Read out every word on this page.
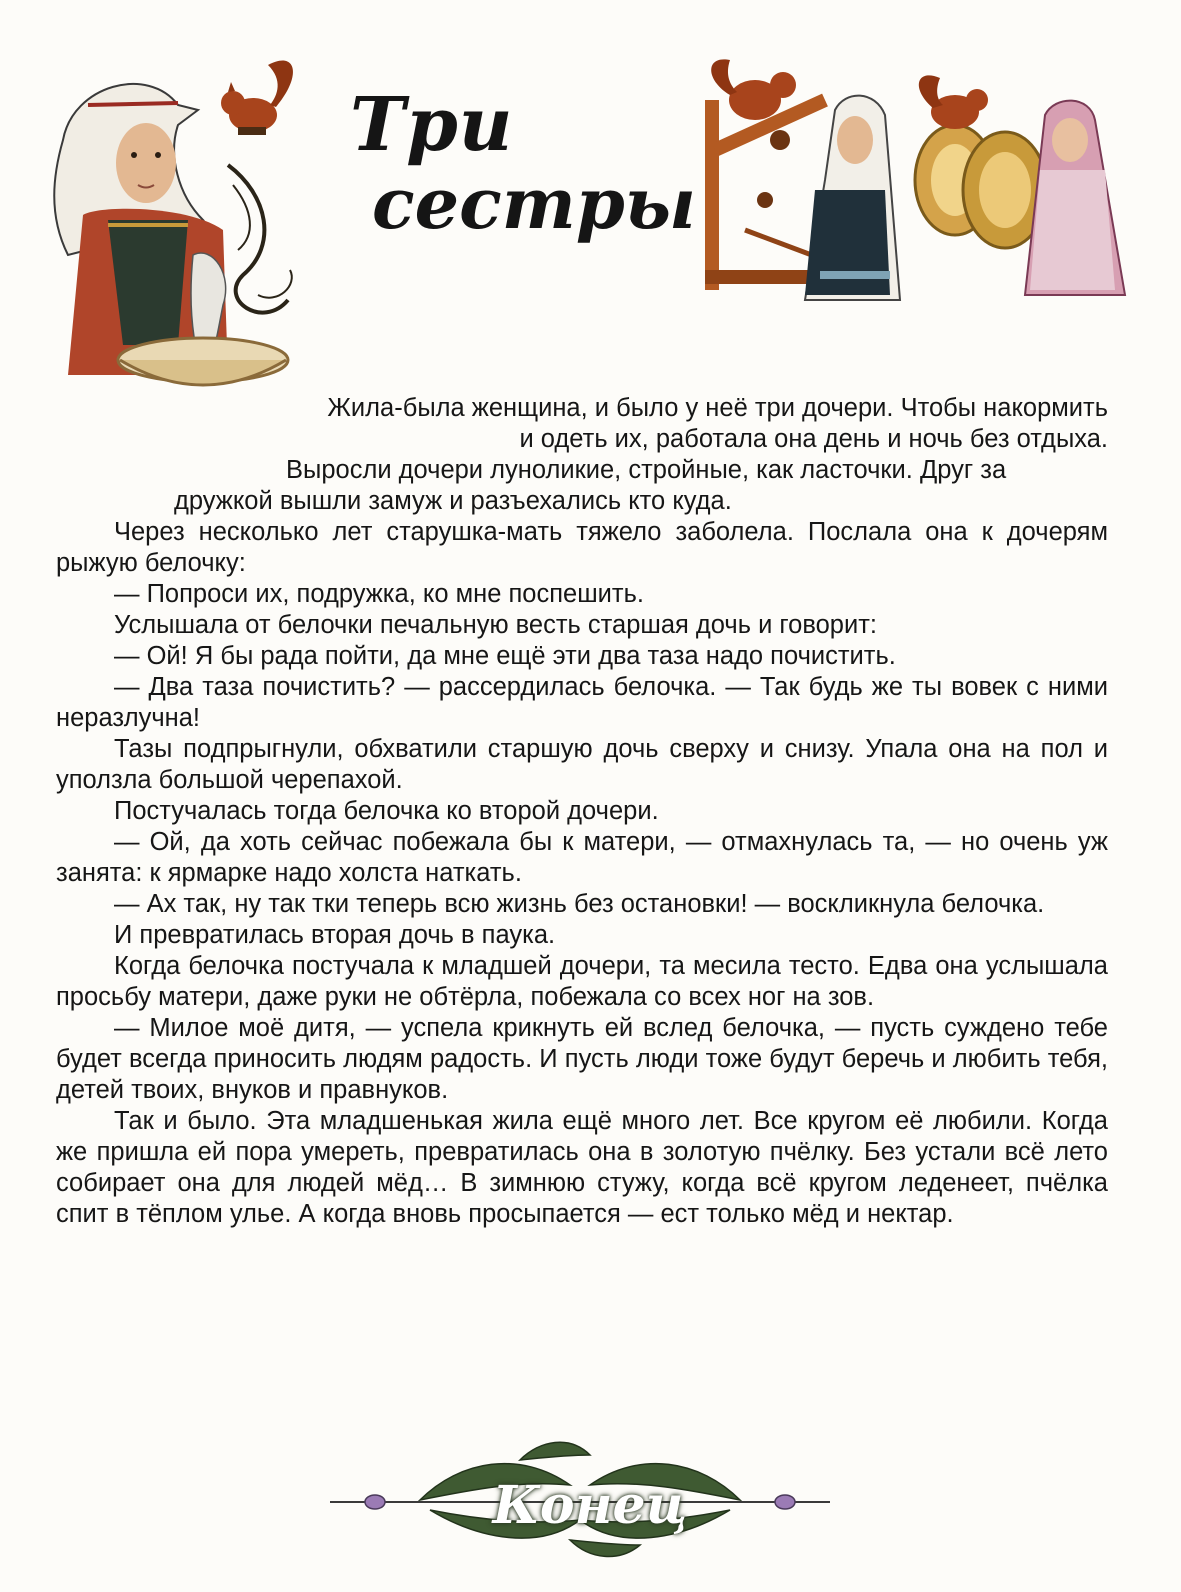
Три
сестры

Жила-была женщина, и было у неё три дочери. Чтобы накормить и одеть их, работала она день и ночь без отдыха.

Выросли дочери луноликие, стройные, как ласточки. Друг за

дружкой вышли замуж и разъехались кто куда.

Через несколько лет старушка-мать тяжело заболела. Послала она к дочерям рыжую белочку:

— Попроси их, подружка, ко мне поспешить.

Услышала от белочки печальную весть старшая дочь и говорит:

— Ой! Я бы рада пойти, да мне ещё эти два таза надо почистить.

— Два таза почистить? — рассердилась белочка. — Так будь же ты вовек с ними неразлучна!

Тазы подпрыгнули, обхватили старшую дочь сверху и снизу. Упала она на пол и уползла большой черепахой.

Постучалась тогда белочка ко второй дочери.

— Ой, да хоть сейчас побежала бы к матери, — отмахнулась та, — но очень уж занята: к ярмарке надо холста наткать.

— Ах так, ну так тки теперь всю жизнь без остановки! — воскликнула белочка.

И превратилась вторая дочь в паука.

Когда белочка постучала к младшей дочери, та месила тесто. Едва она услышала просьбу матери, даже руки не обтёрла, побежала со всех ног на зов.

— Милое моё дитя, — успела крикнуть ей вслед белочка, — пусть суждено тебе будет всегда приносить людям радость. И пусть люди тоже будут беречь и любить тебя, детей твоих, внуков и правнуков.

Так и было. Эта младшенькая жила ещё много лет. Все кругом её любили. Когда же пришла ей пора умереть, превратилась она в золотую пчёлку. Без устали всё лето собирает она для людей мёд… В зимнюю стужу, когда всё кругом леденеет, пчёлка спит в тёплом улье. А когда вновь просыпается — ест только мёд и нектар.

Конец
